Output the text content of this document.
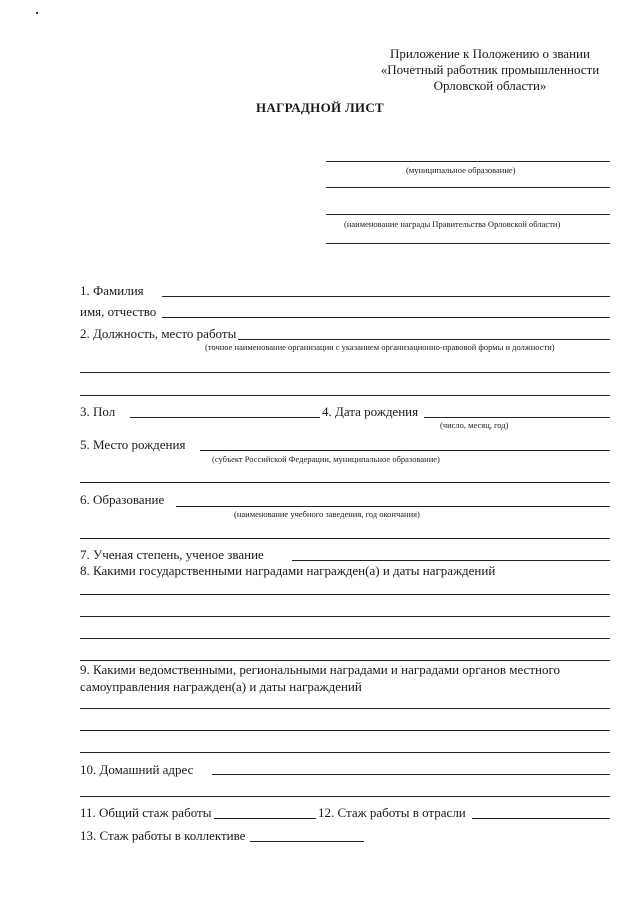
Приложение к Положению о звании
«Почетный работник промышленности
Орловской области»
НАГРАДНОЙ ЛИСТ
(муниципальное образование)
(наименование награды Правительства Орловской области)
1. Фамилия
имя, отчество
2. Должность, место работы
(точное наименование организации с указанием организационно-правовой формы и должности)
3. Пол	4. Дата рождения
(число, месяц, год)
5. Место рождения
(субъект Российской Федерации, муниципальное образование)
6. Образование
(наименование учебного заведения, год окончания)
7. Ученая степень, ученое звание
8. Какими государственными наградами награжден(а) и даты награждений
9. Какими ведомственными, региональными наградами и наградами органов местного
самоуправления награжден(а) и даты награждений
10. Домашний адрес
11. Общий стаж работы	12. Стаж работы в отрасли
13. Стаж работы в коллективе
